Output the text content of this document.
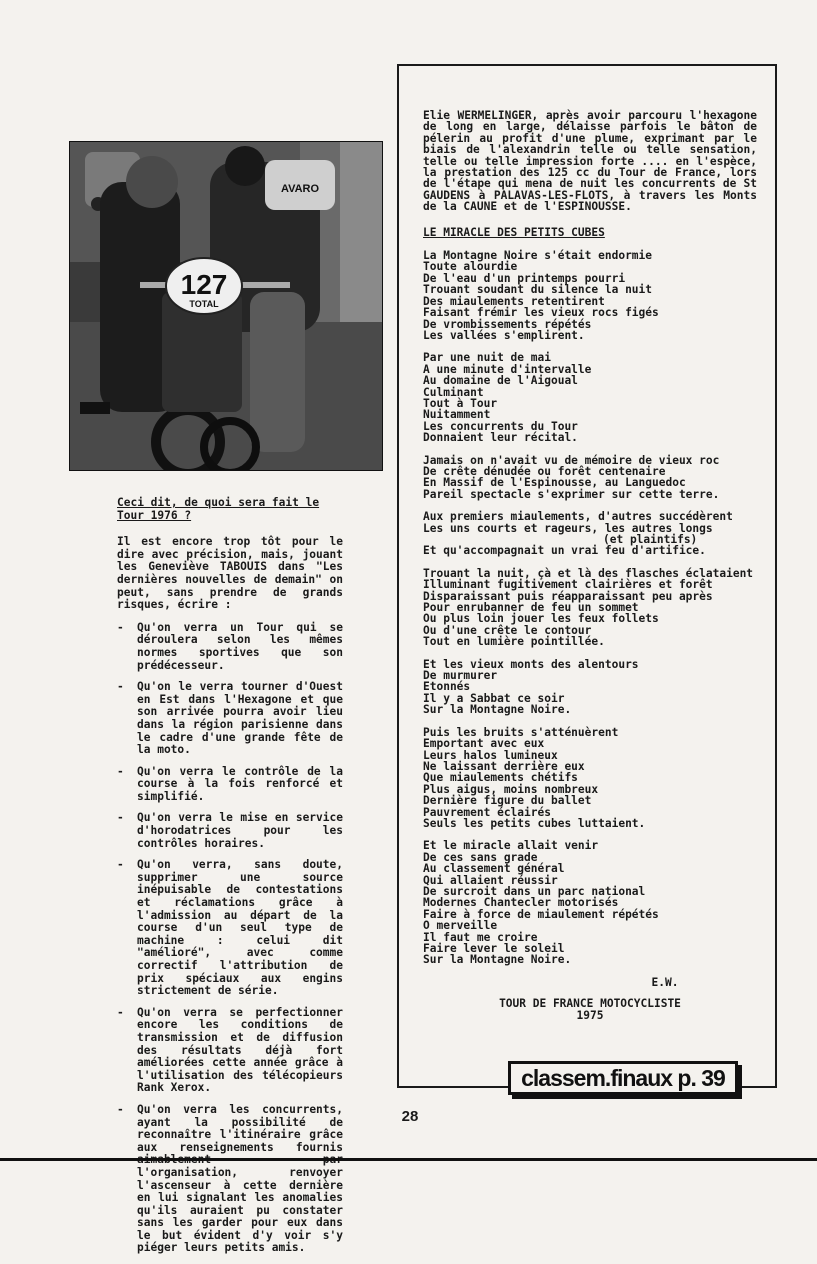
AVARO
127
TOTAL
Ceci dit, de quoi sera fait le Tour 1976 ?
Il est encore trop tôt pour le dire avec précision, mais, jouant les Geneviève TABOUIS dans "Les dernières nouvelles de demain" on peut, sans prendre de grands risques, écrire :
- Qu'on verra un Tour qui se déroulera selon les mêmes normes sportives que son prédécesseur.
- Qu'on le verra tourner d'Ouest en Est dans l'Hexagone et que son arrivée pourra avoir lieu dans la région parisienne dans le cadre d'une grande fête de la moto.
- Qu'on verra le contrôle de la course à la fois renforcé et simplifié.
- Qu'on verra le mise en service d'horodatrices pour les contrôles horaires.
- Qu'on verra, sans doute, supprimer une source inépuisable de contestations et réclamations grâce à l'admission au départ de la course d'un seul type de machine : celui dit "amélioré", avec comme correctif l'attribution de prix spéciaux aux engins strictement de série.
- Qu'on verra se perfectionner encore les conditions de transmission et de diffusion des résultats déjà fort améliorées cette année grâce à l'utilisation des télécopieurs Rank Xerox.
- Qu'on verra les concurrents, ayant la possibilité de reconnaître l'itinéraire grâce aux renseignements fournis l'organisation, renvoyer l'ascenseur à cette dernière en lui signalant les anomalies qu'ils auraient pu constater sans les garder pour eux dans le but évident d'y voir s'y piéger leurs petits amis.
Elie WERMELINGER, après avoir parcouru l'hexagone de long en large, délaisse parfois le bâton de pélerin au profit d'une plume, exprimant par le biais de l'alexandrin telle ou telle sensation, telle ou telle impression forte .... en l'espèce, la prestation des 125 cc du Tour de France, lors de l'étape qui mena de nuit les concurrents de St GAUDENS à PALAVAS-LES-FLOTS, à travers les Monts de la CAUNE et de l'ESPINOUSSE.
LE MIRACLE DES PETITS CUBES
La Montagne Noire s'était endormie
Toute alourdie
De l'eau d'un printemps pourri
Trouant soudant du silence la nuit
Des miaulements retentirent
Faisant frémir les vieux rocs figés
De vrombissements répétés
Les vallées s'emplirent.
Par une nuit de mai
A une minute d'intervalle
Au domaine de l'Aigoual
Culminant
Tout à Tour
Nuitamment
Les concurrents du Tour
Donnaient leur récital.
Jamais on n'avait vu de mémoire de vieux roc
De crête dénudée ou forêt centenaire
En Massif de l'Espinousse, au Languedoc
Pareil spectacle s'exprimer sur cette terre.
Aux premiers miaulements, d'autres succédèrent
Les uns courts et rageurs, les autres longs
(et plaintifs)
Et qu'accompagnait un vrai feu d'artifice.
Trouant la nuit, çà et là des flasches éclataient
Illuminant fugitivement clairières et forêt
Disparaissant puis réapparaissant peu après
Pour enrubanner de feu un sommet
Ou plus loin jouer les feux follets
Ou d'une crête le contour
Tout en lumière pointillée.
Et les vieux monts des alentours
De murmurer
Etonnés
Il y a Sabbat ce soir
Sur la Montagne Noire.
Puis les bruits s'atténuèrent
Emportant avec eux
Leurs halos lumineux
Ne laissant derrière eux
Que miaulements chétifs
Plus aigus, moins nombreux
Dernière figure du ballet
Pauvrement éclairés
Seuls les petits cubes luttaient.
Et le miracle allait venir
De ces sans grade
Au classement général
Qui allaient réussir
De surcroit dans un parc national
Modernes Chantecler motorisés
Faire à force de miaulement répétés
O merveille
Il faut me croire
Faire lever le soleil
Sur la Montagne Noire.
E.W.
TOUR DE FRANCE MOTOCYCLISTE
1975
classem.finaux p. 39
28
